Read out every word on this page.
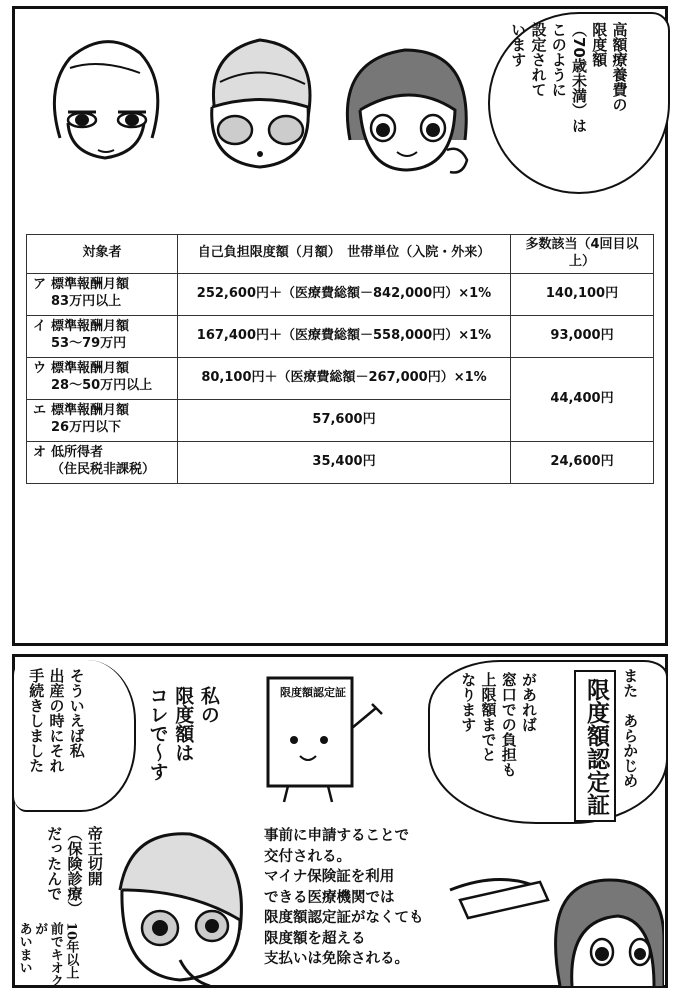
高額療養費の
限度額
（70歳未満）は
このように
設定されて
います
対象者	自己負担限度額（月額）　世帯単位（入院・外来）	多数該当（4回目以上）
ア 標準報酬月額
83万円以上	252,600円＋（医療費総額－842,000円）×1%	140,100円
イ 標準報酬月額
53～79万円	167,400円＋（医療費総額－558,000円）×1%	93,000円
ウ 標準報酬月額
28～50万円以上	80,100円＋（医療費総額－267,000円）×1%	44,400円
エ 標準報酬月額
26万円以下	57,600円	
オ 低所得者
（住民税非課税）	35,400円	24,600円
また　あらかじめ
限度額認定証
があれば
窓口での負担も
上限額までと
なります
限度額認定証
私の
限度額は
コレで〜す
そういえば私
出産の時にそれ
手続きしました
帝王切開
（保険診療）
だったんで
10年以上
前でキオクが
あいまい
事前に申請することで
交付される。
マイナ保険証を利用
できる医療機関では
限度額認定証がなくても
限度額を超える
支払いは免除される。
